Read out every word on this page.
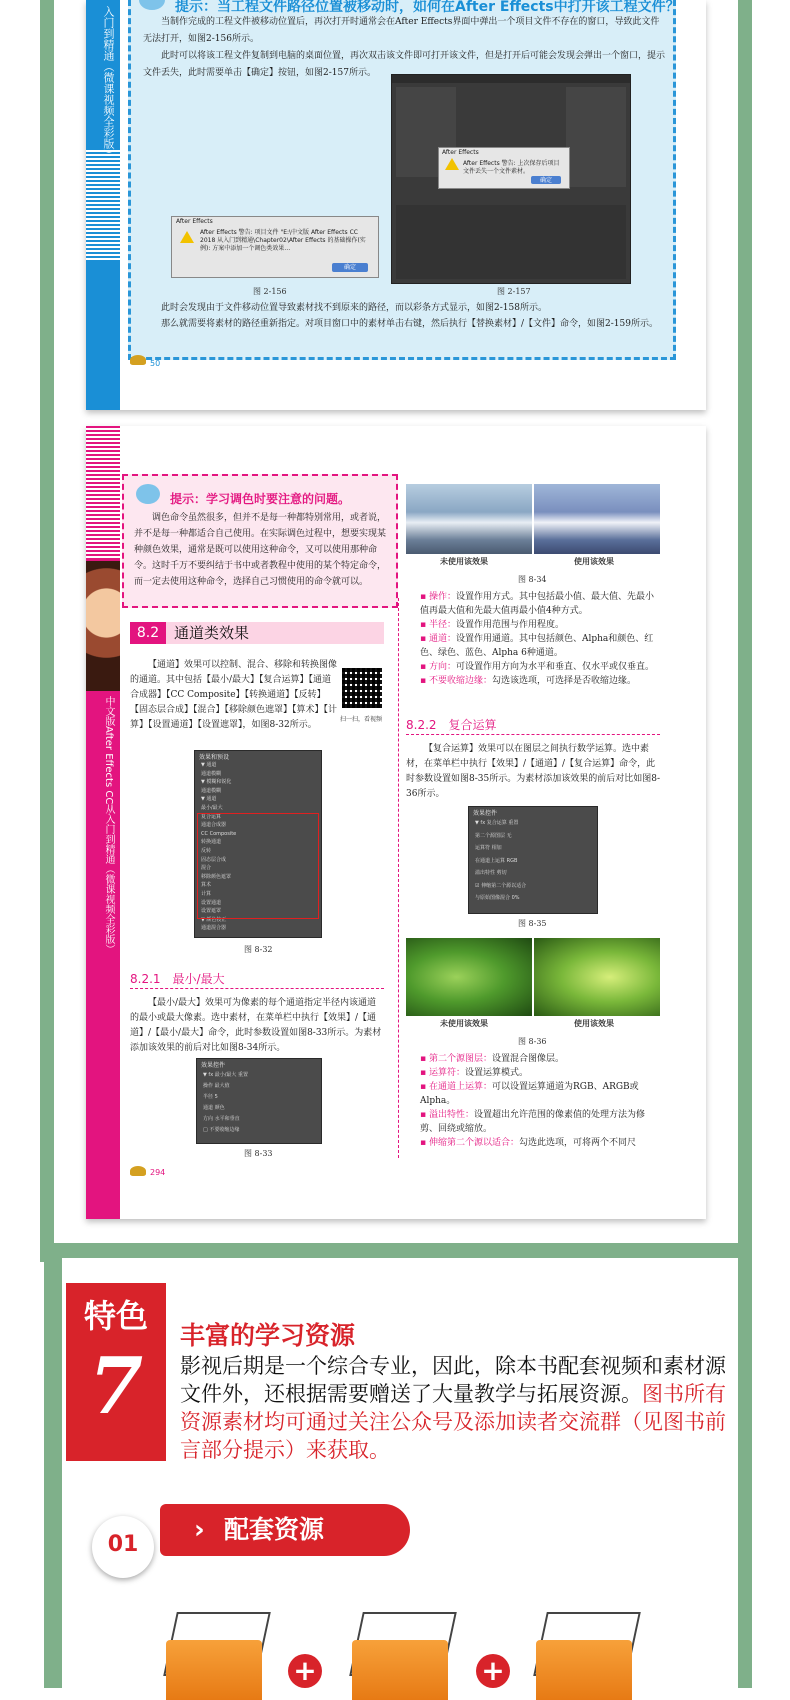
入门到精通（微课视频全彩版）	提示：当工程文件路径位置被移动时，如何在After Effects中打开该工程文件？
当制作完成的工程文件被移动位置后，再次打开时通常会在After Effects界面中弹出一个项目文件不存在的窗口，导致此文件无法打开，如图2-156所示。
此时可以将该工程文件复制到电脑的桌面位置，再次双击该文件即可打开该文件，但是打开后可能会发现会弹出一个窗口，提示文件丢失，此时需要单击【确定】按钮，如图2-157所示。
After Effects
After Effects 警告: 项目文件 "E:\中文版 After Effects CC 2018 从入门到精通\Chapter02\After Effects 的基础操作(实例): 方案中添加一个调色类效果…
确定
After Effects
After Effects 警告: 上次保存后项目文件丢失一个文件素材。
确定
图 2-156	图 2-157
此时会发现由于文件移动位置导致素材找不到原来的路径，而以彩条方式显示，如图2-158所示。
那么就需要将素材的路径重新指定。对项目窗口中的素材单击右键，然后执行【替换素材】/【文件】命令，如图2-159所示。
50
中文版After Effects CC从入门到精通（微课视频全彩版）
提示：学习调色时要注意的问题。
调色命令虽然很多，但并不是每一种都特别常用，或者说，并不是每一种都适合自己使用。在实际调色过程中，想要实现某种颜色效果，通常是既可以使用这种命令，又可以使用那种命令。这时千万不要纠结于书中或者教程中使用的某个特定命令，而一定去使用这种命令，选择自己习惯使用的命令就可以。
8.2 通道类效果
【通道】效果可以控制、混合、移除和转换图像的通道。其中包括【最小/最大】【复合运算】【通道合成器】【CC Composite】【转换通道】【反转】【固态层合成】【混合】【移除颜色遮罩】【算术】【计算】【设置通道】【设置遮罩】，如图8-32所示。
扫一扫，看视频
效果和预设
▼ 通道
通道模糊
▼ 模糊和锐化
通道模糊
▼ 通道
最小/最大
复合运算
通道合成器
CC Composite
转换通道
反转
固态层合成
混合
移除颜色遮罩
算术
计算
设置通道
设置遮罩
▼ 颜色校正
通道混合器
图 8-32
8.2.1　最小/最大
【最小/最大】效果可为像素的每个通道指定半径内该通道的最小或最大像素。选中素材，在菜单栏中执行【效果】/【通道】/【最小/最大】命令，此时参数设置如图8-33所示。为素材添加该效果的前后对比如图8-34所示。
效果控件
▼ fx 最小/最大 重置
操作 最大值
半径 5
通道 颜色
方向 水平和垂直
□ 不要收缩边缘
图 8-33
未使用该效果	使用该效果
图 8-34
▪ 操作：设置作用方式。其中包括最小值、最大值、先最小值再最大值和先最大值再最小值4种方式。
▪ 半径：设置作用范围与作用程度。
▪ 通道：设置作用通道。其中包括颜色、Alpha和颜色、红色、绿色、蓝色、Alpha 6种通道。
▪ 方向：可设置作用方向为水平和垂直、仅水平或仅垂直。
▪ 不要收缩边缘：勾选该选项，可选择是否收缩边缘。
8.2.2　复合运算
【复合运算】效果可以在图层之间执行数学运算。选中素材，在菜单栏中执行【效果】/【通道】/【复合运算】命令，此时参数设置如图8-35所示。为素材添加该效果的前后对比如图8-36所示。
效果控件
▼ fx 复合运算 重置
第二个源图层 无
运算符 相加
在通道上运算 RGB
溢出特性 剪切
☑ 伸缩第二个源以适合
与原始图像混合 0%
图 8-35
未使用该效果	使用该效果
图 8-36
▪ 第二个源图层：设置混合图像层。
▪ 运算符：设置运算模式。
▪ 在通道上运算：可以设置运算通道为RGB、ARGB或Alpha。
▪ 溢出特性：设置超出允许范围的像素值的处理方法为修剪、回绕或缩放。
▪ 伸缩第二个源以适合：勾选此选项，可将两个不同尺
294
特色
7
丰富的学习资源
影视后期是一个综合专业，因此，除本书配套视频和素材源文件外，还根据需要赠送了大量教学与拓展资源。图书所有资源素材均可通过关注公众号及添加读者交流群（见图书前言部分提示）来获取。
› 配套资源
01
+	+
